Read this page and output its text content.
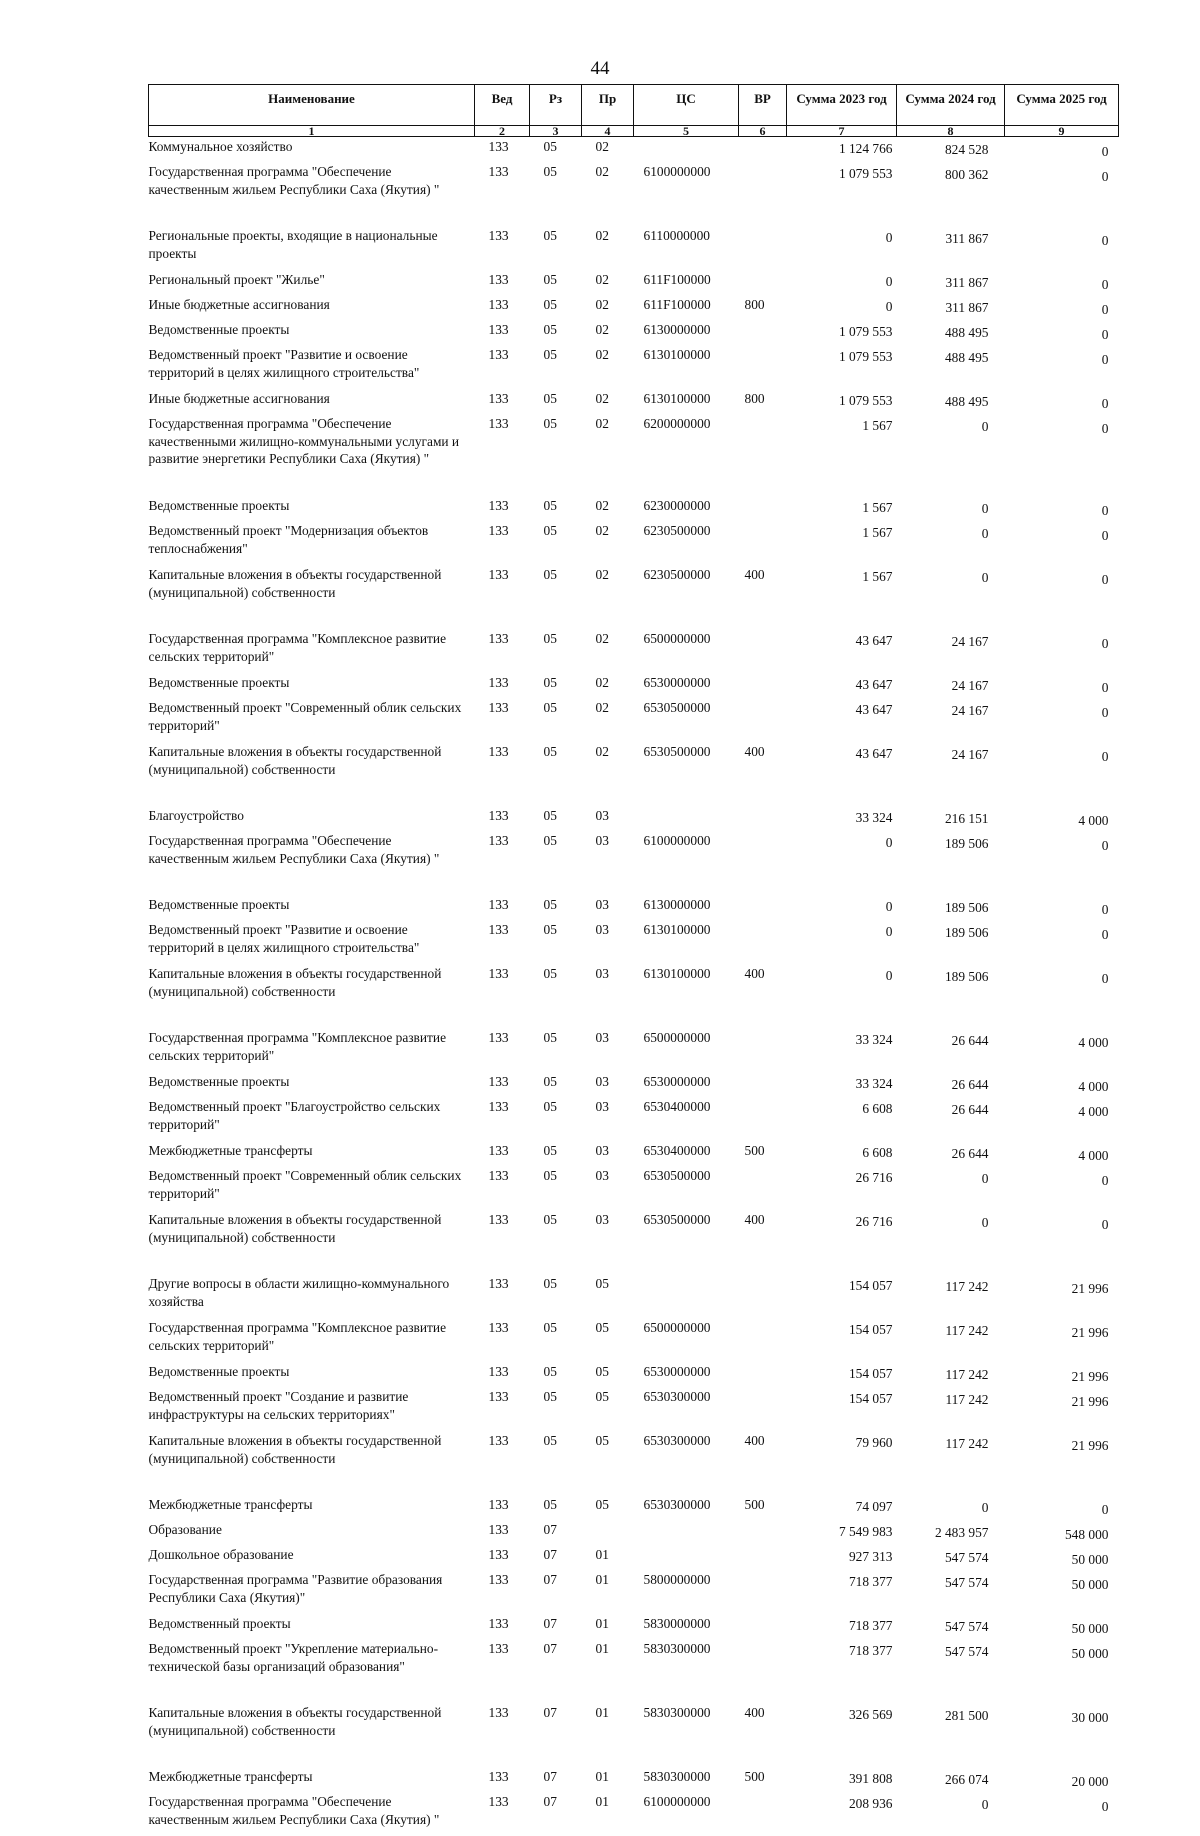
44
Наименование	Вед	Рз	Пр	ЦС	ВР	Сумма 2023 год	Сумма 2024 год	Сумма 2025 год
1	2	3	4	5	6	7	8	9
Коммунальное хозяйство	133	05	02			1 124 766	824 528	0
Государственная программа "Обеспечение качественным жильем Республики Саха (Якутия) "	133	05	02	6100000000		1 079 553	800 362	0
Региональные проекты, входящие в национальные проекты	133	05	02	6110000000		0	311 867	0
Региональный проект "Жилье"	133	05	02	611F100000		0	311 867	0
Иные бюджетные ассигнования	133	05	02	611F100000	800	0	311 867	0
Ведомственные проекты	133	05	02	6130000000		1 079 553	488 495	0
Ведомственный проект "Развитие и освоение территорий в целях жилищного строительства"	133	05	02	6130100000		1 079 553	488 495	0
Иные бюджетные ассигнования	133	05	02	6130100000	800	1 079 553	488 495	0
Государственная программа "Обеспечение качественными жилищно-коммунальными услугами и развитие энергетики Республики Саха (Якутия) "	133	05	02	6200000000		1 567	0	0
Ведомственные проекты	133	05	02	6230000000		1 567	0	0
Ведомственный проект "Модернизация объектов теплоснабжения"	133	05	02	6230500000		1 567	0	0
Капитальные вложения в объекты государственной (муниципальной) собственности	133	05	02	6230500000	400	1 567	0	0
Государственная программа "Комплексное развитие сельских территорий"	133	05	02	6500000000		43 647	24 167	0
Ведомственные проекты	133	05	02	6530000000		43 647	24 167	0
Ведомственный проект "Современный облик сельских территорий"	133	05	02	6530500000		43 647	24 167	0
Капитальные вложения в объекты государственной (муниципальной) собственности	133	05	02	6530500000	400	43 647	24 167	0
Благоустройство	133	05	03			33 324	216 151	4 000
Государственная программа "Обеспечение качественным жильем Республики Саха (Якутия) "	133	05	03	6100000000		0	189 506	0
Ведомственные проекты	133	05	03	6130000000		0	189 506	0
Ведомственный проект "Развитие и освоение территорий в целях жилищного строительства"	133	05	03	6130100000		0	189 506	0
Капитальные вложения в объекты государственной (муниципальной) собственности	133	05	03	6130100000	400	0	189 506	0
Государственная программа "Комплексное развитие сельских территорий"	133	05	03	6500000000		33 324	26 644	4 000
Ведомственные проекты	133	05	03	6530000000		33 324	26 644	4 000
Ведомственный проект "Благоустройство сельских территорий"	133	05	03	6530400000		6 608	26 644	4 000
Межбюджетные трансферты	133	05	03	6530400000	500	6 608	26 644	4 000
Ведомственный проект "Современный облик сельских территорий"	133	05	03	6530500000		26 716	0	0
Капитальные вложения в объекты государственной (муниципальной) собственности	133	05	03	6530500000	400	26 716	0	0
Другие вопросы в области жилищно-коммунального хозяйства	133	05	05			154 057	117 242	21 996
Государственная программа "Комплексное развитие сельских территорий"	133	05	05	6500000000		154 057	117 242	21 996
Ведомственные проекты	133	05	05	6530000000		154 057	117 242	21 996
Ведомственный проект "Создание и развитие инфраструктуры на сельских территориях"	133	05	05	6530300000		154 057	117 242	21 996
Капитальные вложения в объекты государственной (муниципальной) собственности	133	05	05	6530300000	400	79 960	117 242	21 996
Межбюджетные трансферты	133	05	05	6530300000	500	74 097	0	0
Образование	133	07				7 549 983	2 483 957	548 000
Дошкольное образование	133	07	01			927 313	547 574	50 000
Государственная программа "Развитие образования Республики Саха (Якутия)"	133	07	01	5800000000		718 377	547 574	50 000
Ведомственный проекты	133	07	01	5830000000		718 377	547 574	50 000
Ведомственный проект "Укрепление материально-технической базы организаций образования"	133	07	01	5830300000		718 377	547 574	50 000
Капитальные вложения в объекты государственной (муниципальной) собственности	133	07	01	5830300000	400	326 569	281 500	30 000
Межбюджетные трансферты	133	07	01	5830300000	500	391 808	266 074	20 000
Государственная программа "Обеспечение качественным жильем Республики Саха (Якутия) "	133	07	01	6100000000		208 936	0	0
